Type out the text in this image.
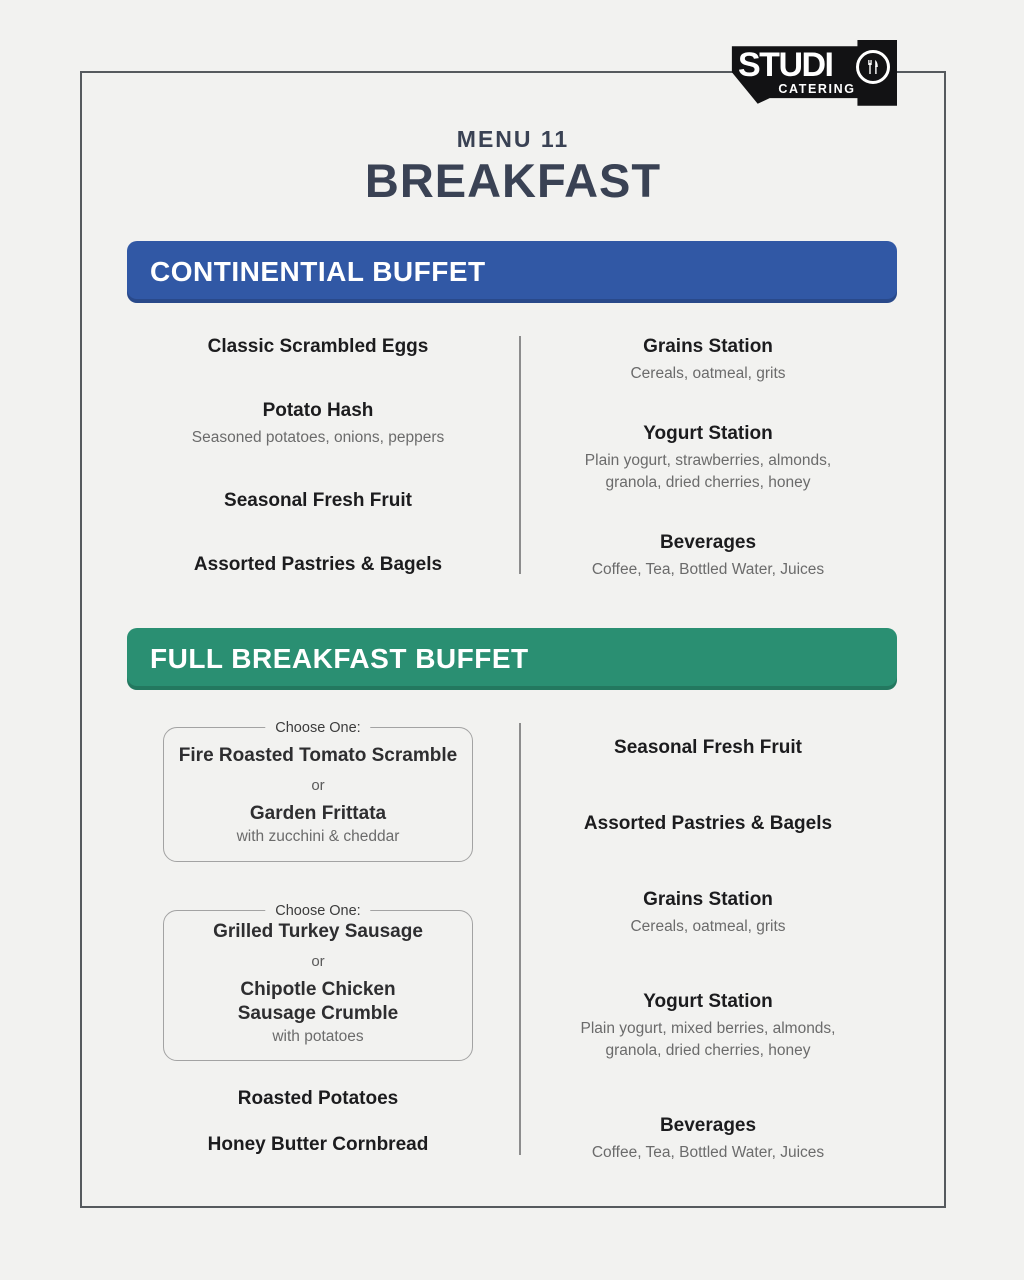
STUDI
CATERING
MENU 11
BREAKFAST
CONTINENTIAL BUFFET
Classic Scrambled Eggs
Potato Hash
Seasoned potatoes, onions, peppers
Seasonal Fresh Fruit
Assorted Pastries & Bagels
Grains Station
Cereals, oatmeal, grits
Yogurt Station
Plain yogurt, strawberries, almonds, granola, dried cherries, honey
Beverages
Coffee, Tea, Bottled Water, Juices
FULL BREAKFAST BUFFET
Choose One:
Fire Roasted Tomato Scramble
or
Garden Frittata
with zucchini & cheddar
Choose One:
Grilled Turkey Sausage
or
Chipotle Chicken Sausage Crumble
with potatoes
Roasted Potatoes
Honey Butter Cornbread
Seasonal Fresh Fruit
Assorted Pastries & Bagels
Grains Station
Cereals, oatmeal, grits
Yogurt Station
Plain yogurt, mixed berries, almonds, granola, dried cherries, honey
Beverages
Coffee, Tea, Bottled Water, Juices
